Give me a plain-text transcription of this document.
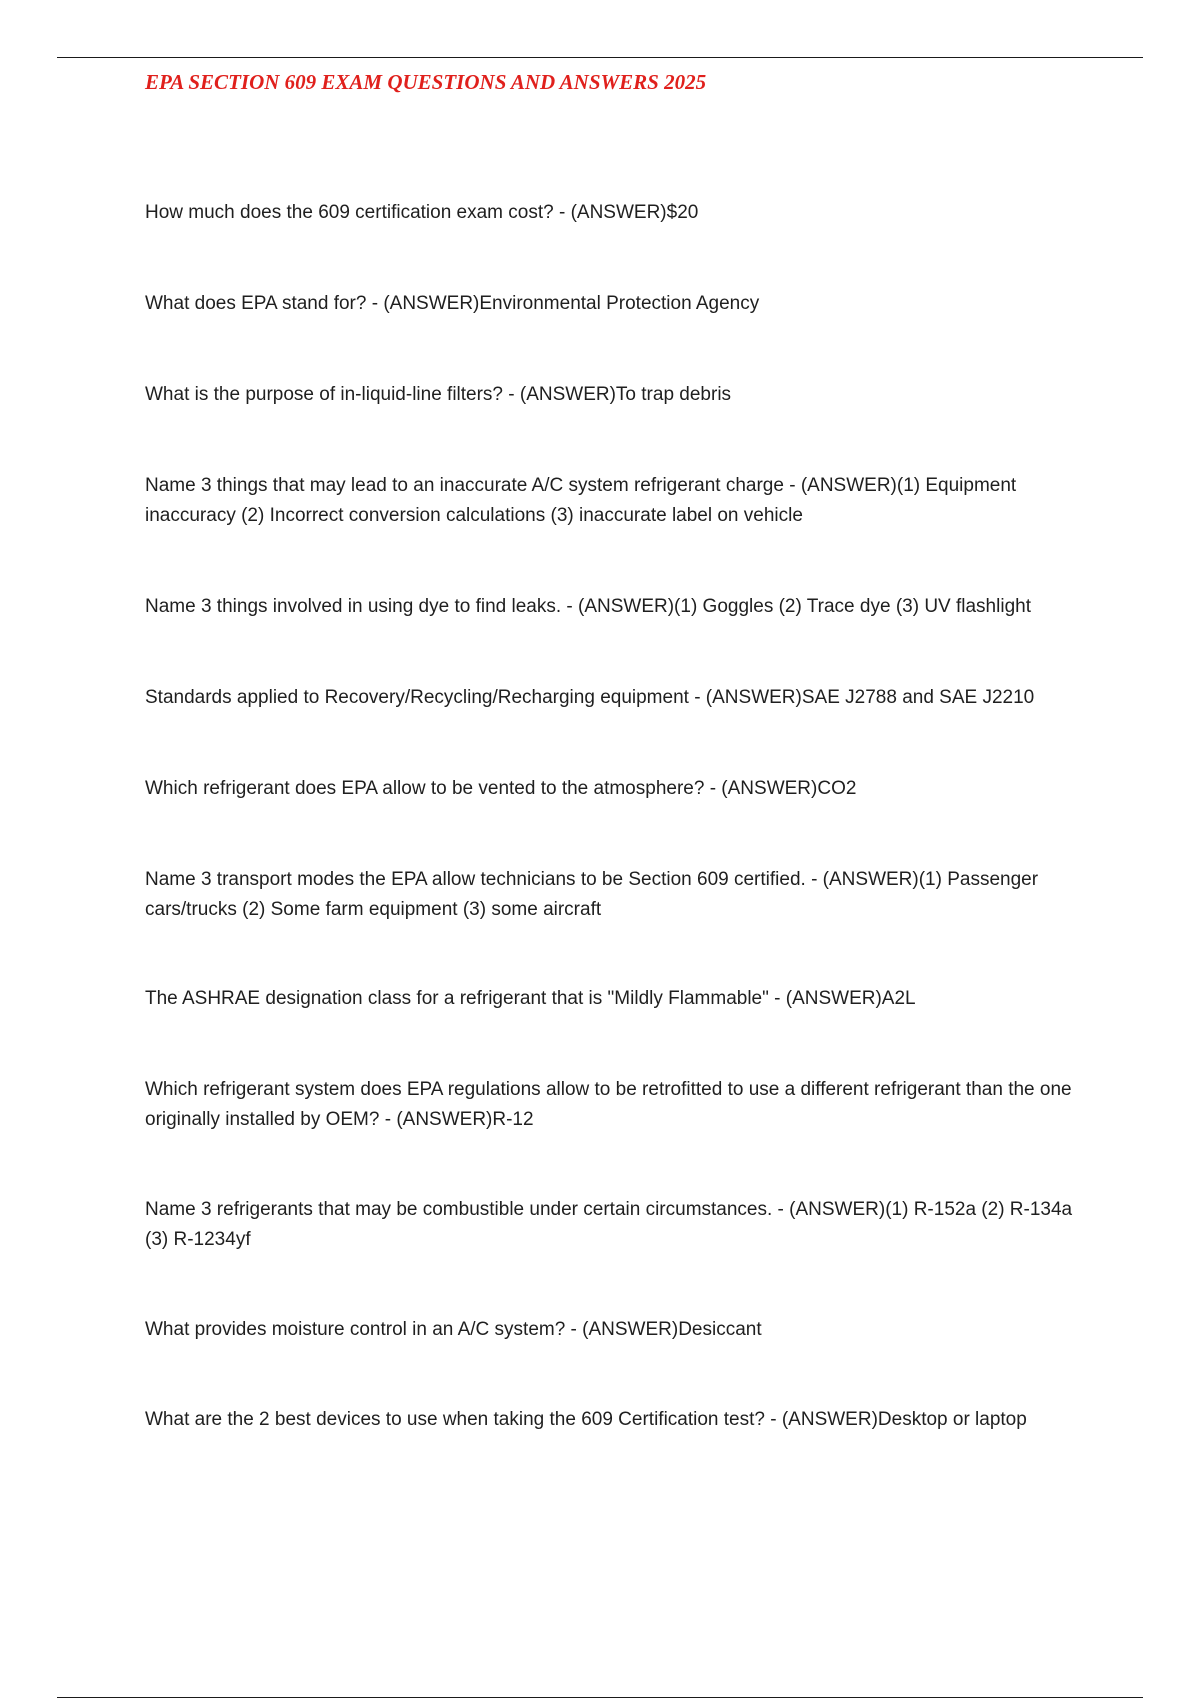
EPA SECTION 609 EXAM QUESTIONS AND ANSWERS 2025

How much does the 609 certification exam cost? - (ANSWER)$20

What does EPA stand for? - (ANSWER)Environmental Protection Agency

What is the purpose of in-liquid-line filters? - (ANSWER)To trap debris

Name 3 things that may lead to an inaccurate A/C system refrigerant charge - (ANSWER)(1) Equipment inaccuracy (2) Incorrect conversion calculations (3) inaccurate label on vehicle

Name 3 things involved in using dye to find leaks. - (ANSWER)(1) Goggles (2) Trace dye (3) UV flashlight

Standards applied to Recovery/Recycling/Recharging equipment - (ANSWER)SAE J2788 and SAE J2210

Which refrigerant does EPA allow to be vented to the atmosphere? - (ANSWER)CO2

Name 3 transport modes the EPA allow technicians to be Section 609 certified. - (ANSWER)(1) Passenger cars/trucks (2) Some farm equipment (3) some aircraft

The ASHRAE designation class for a refrigerant that is "Mildly Flammable" - (ANSWER)A2L

Which refrigerant system does EPA regulations allow to be retrofitted to use a different refrigerant than the one originally installed by OEM? - (ANSWER)R-12

Name 3 refrigerants that may be combustible under certain circumstances. - (ANSWER)(1) R-152a (2) R-134a (3) R-1234yf

What provides moisture control in an A/C system? - (ANSWER)Desiccant

What are the 2 best devices to use when taking the 609 Certification test? - (ANSWER)Desktop or laptop
